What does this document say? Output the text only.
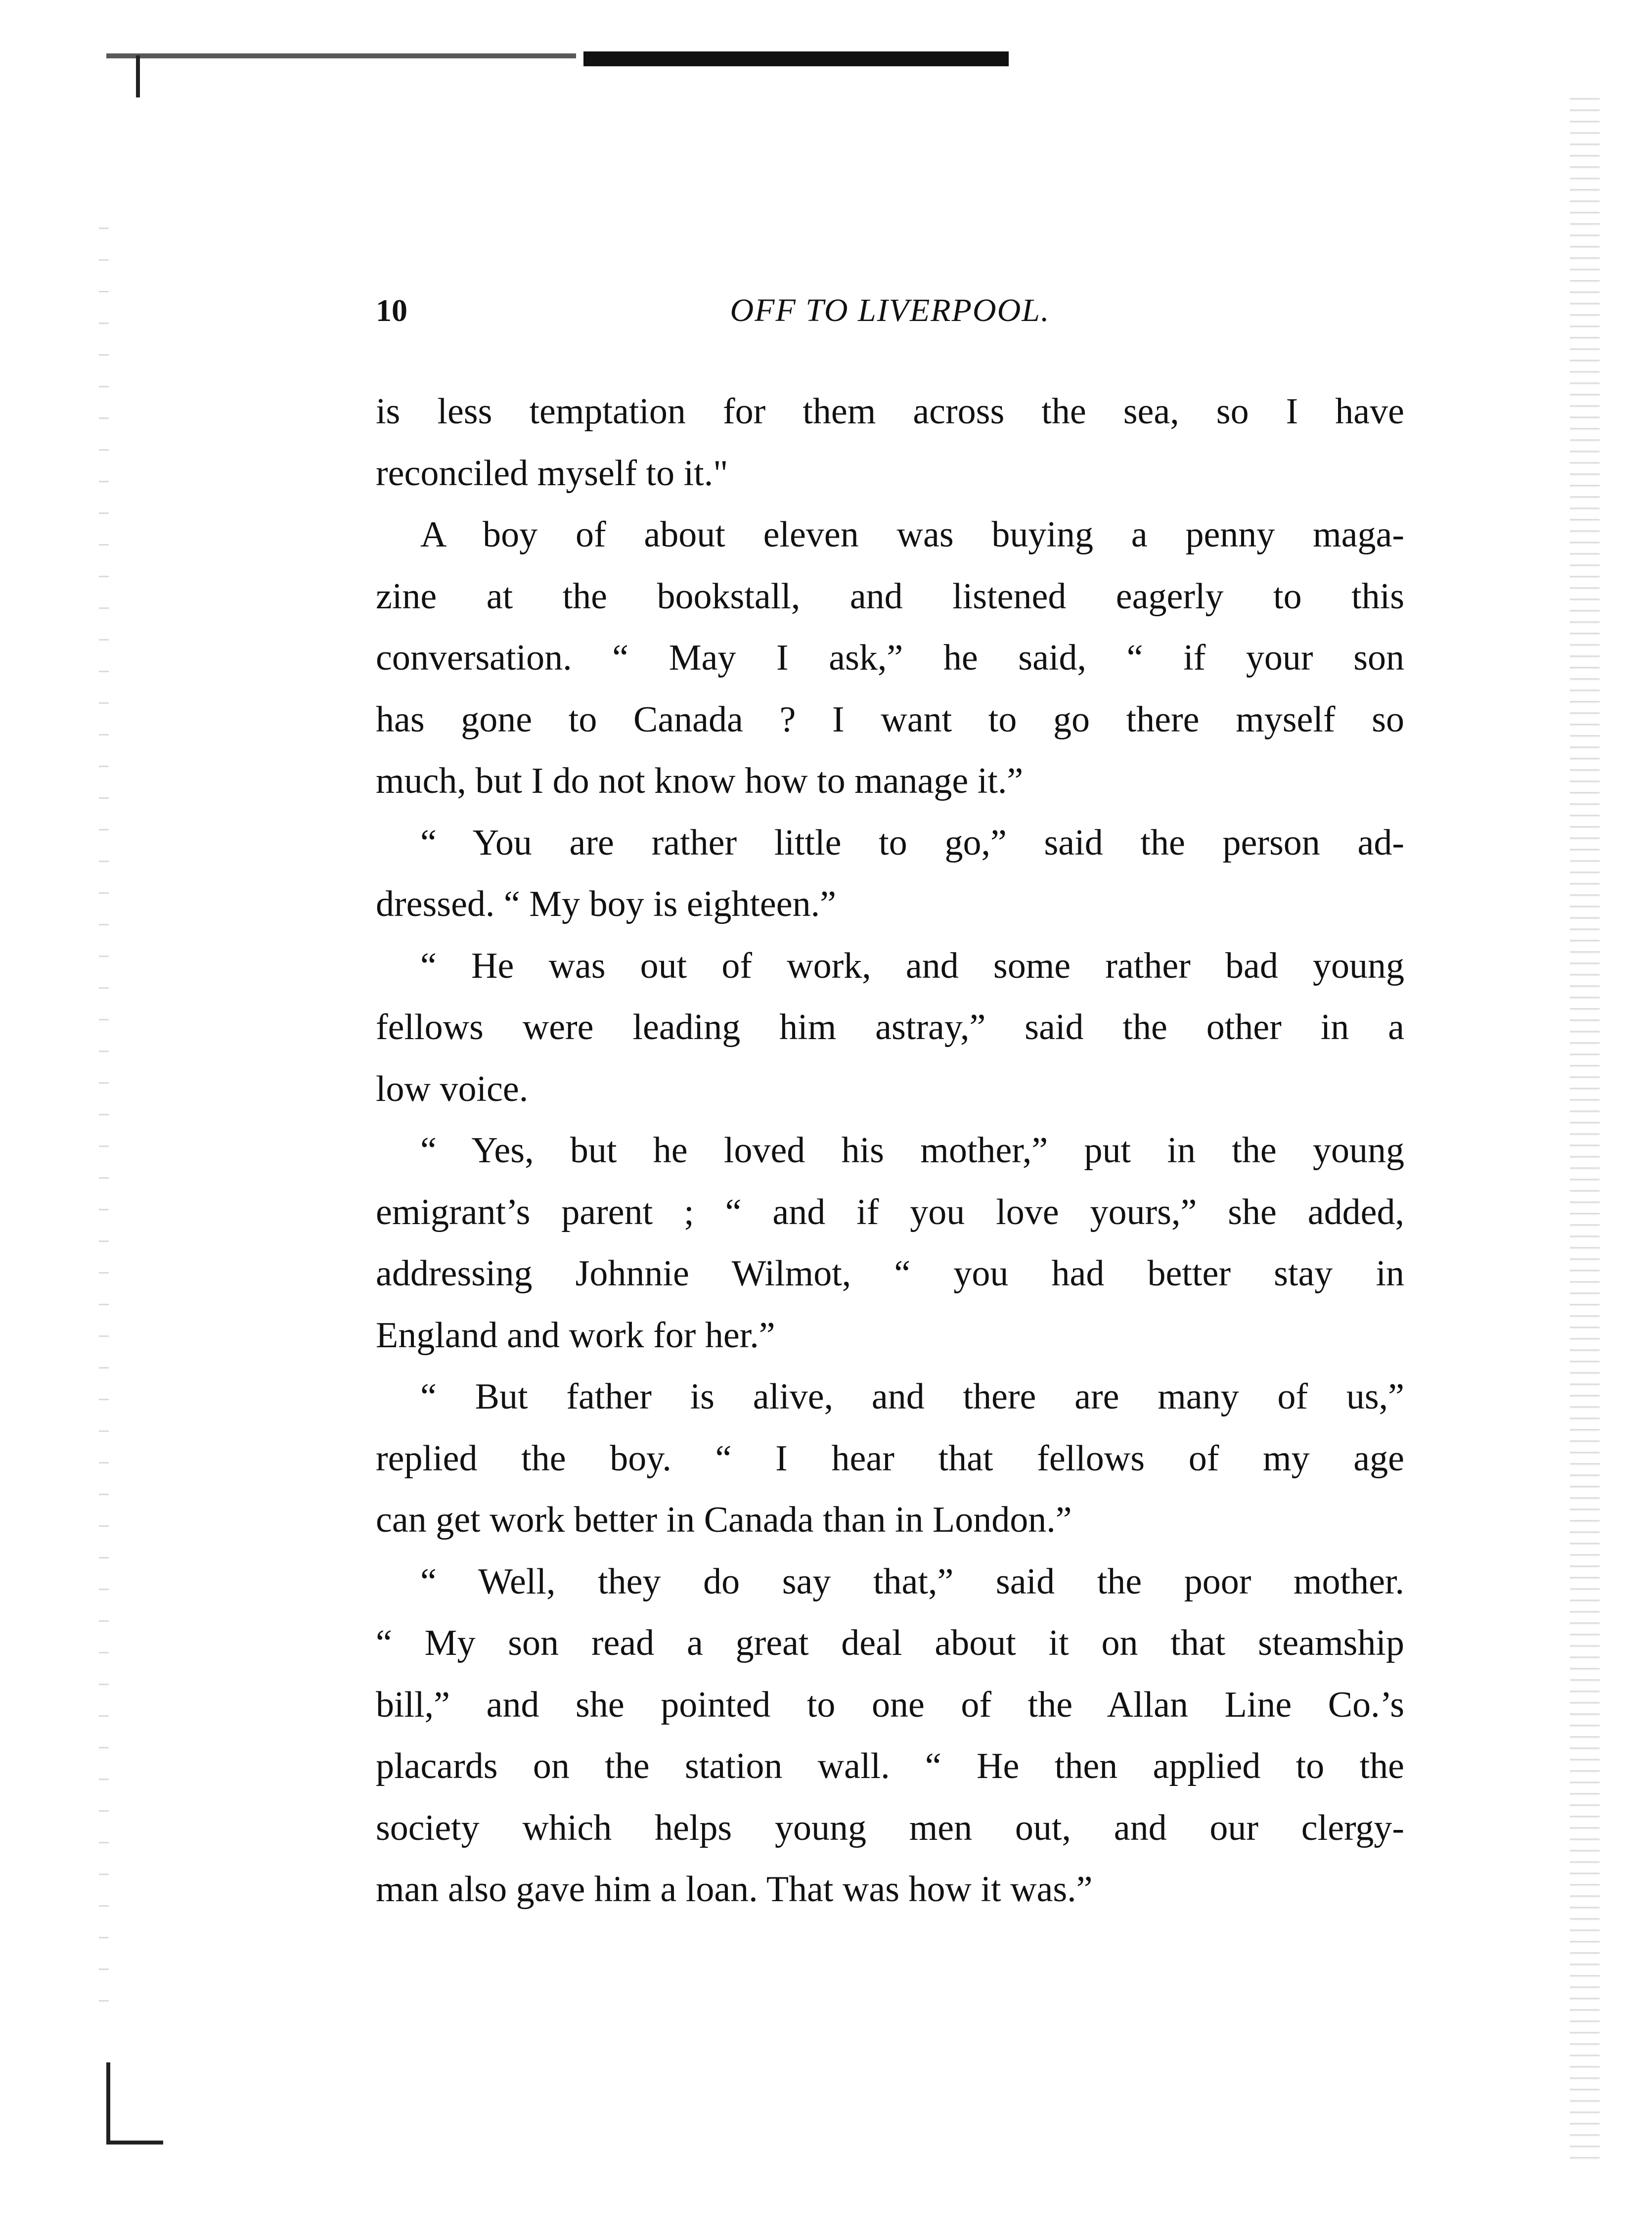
10	OFF TO LIVERPOOL.
is less temptation for them across the sea, so I have
reconciled myself to it."
A boy of about eleven was buying a penny maga-
zine at the bookstall, and listened eagerly to this
conversation. “ May I ask,” he said, “ if your son
has gone to Canada ? I want to go there myself so
much, but I do not know how to manage it.”
“ You are rather little to go,” said the person ad-
dressed. “ My boy is eighteen.”
“ He was out of work, and some rather bad young
fellows were leading him astray,” said the other in a
low voice.
“ Yes, but he loved his mother,” put in the young
emigrant’s parent ; “ and if you love yours,” she added,
addressing Johnnie Wilmot, “ you had better stay in
England and work for her.”
“ But father is alive, and there are many of us,”
replied the boy. “ I hear that fellows of my age
can get work better in Canada than in London.”
“ Well, they do say that,” said the poor mother.
“ My son read a great deal about it on that steamship
bill,” and she pointed to one of the Allan Line Co.’s
placards on the station wall. “ He then applied to the
society which helps young men out, and our clergy-
man also gave him a loan. That was how it was.”
